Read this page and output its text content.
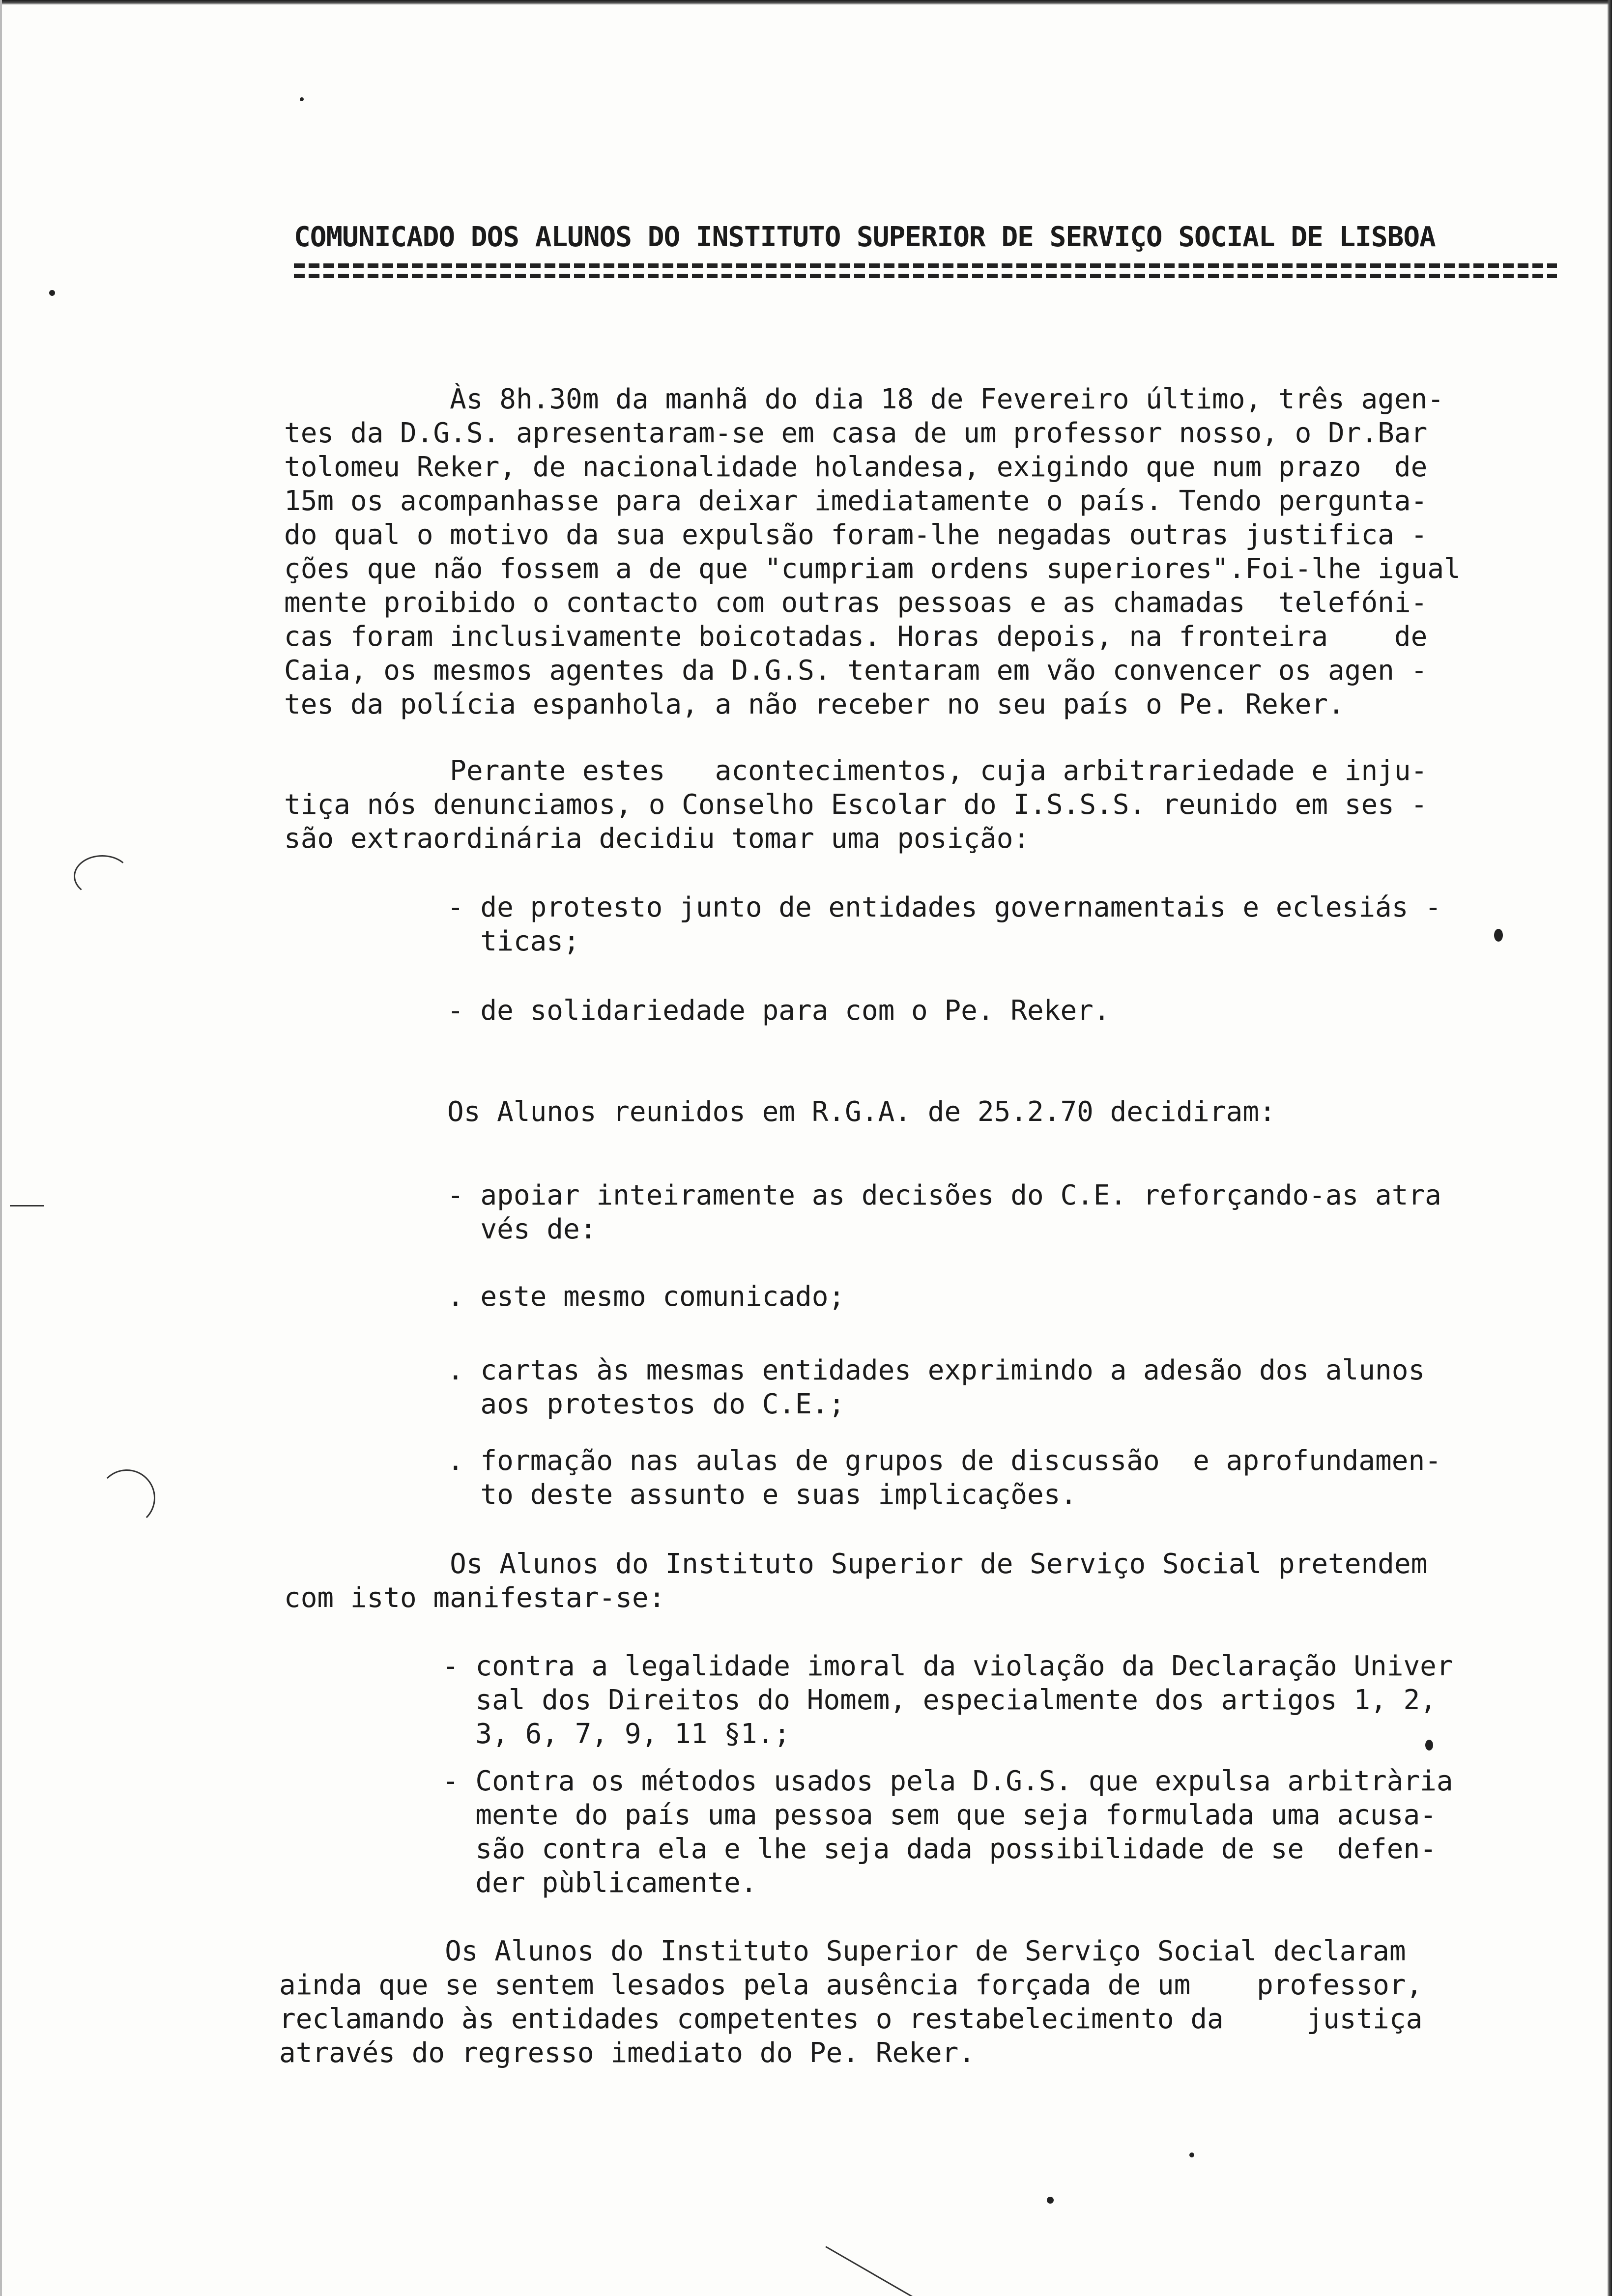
COMUNICADO DOS ALUNOS DO INSTITUTO SUPERIOR DE SERVIÇO SOCIAL DE LISBOA
Às 8h.30m da manhã do dia 18 de Fevereiro último, três agen-
tes da D.G.S. apresentaram-se em casa de um professor nosso, o Dr.Bar
tolomeu Reker, de nacionalidade holandesa, exigindo que num prazo  de
15m os acompanhasse para deixar imediatamente o país. Tendo pergunta-
do qual o motivo da sua expulsão foram-lhe negadas outras justifica -
ções que não fossem a de que "cumpriam ordens superiores".Foi-lhe igual
mente proibido o contacto com outras pessoas e as chamadas  telefóni-
cas foram inclusivamente boicotadas. Horas depois, na fronteira    de
Caia, os mesmos agentes da D.G.S. tentaram em vão convencer os agen -
tes da polícia espanhola, a não receber no seu país o Pe. Reker.
Perante estes   acontecimentos, cuja arbitrariedade e inju-
tiça nós denunciamos, o Conselho Escolar do I.S.S.S. reunido em ses -
são extraordinária decidiu tomar uma posição:
- de protesto junto de entidades governamentais e eclesiás -
ticas;
- de solidariedade para com o Pe. Reker.
Os Alunos reunidos em R.G.A. de 25.2.70 decidiram:
- apoiar inteiramente as decisões do C.E. reforçando-as atra
vés de:
. este mesmo comunicado;
. cartas às mesmas entidades exprimindo a adesão dos alunos
aos protestos do C.E.;
. formação nas aulas de grupos de discussão  e aprofundamen-
to deste assunto e suas implicações.
Os Alunos do Instituto Superior de Serviço Social pretendem
com isto manifestar-se:
- contra a legalidade imoral da violação da Declaração Univer
sal dos Direitos do Homem, especialmente dos artigos 1, 2,
3, 6, 7, 9, 11 §1.;
- Contra os métodos usados pela D.G.S. que expulsa arbitrària
mente do país uma pessoa sem que seja formulada uma acusa-
são contra ela e lhe seja dada possibilidade de se  defen-
der pùblicamente.
Os Alunos do Instituto Superior de Serviço Social declaram
ainda que se sentem lesados pela ausência forçada de um    professor,
reclamando às entidades competentes o restabelecimento da     justiça
através do regresso imediato do Pe. Reker.
